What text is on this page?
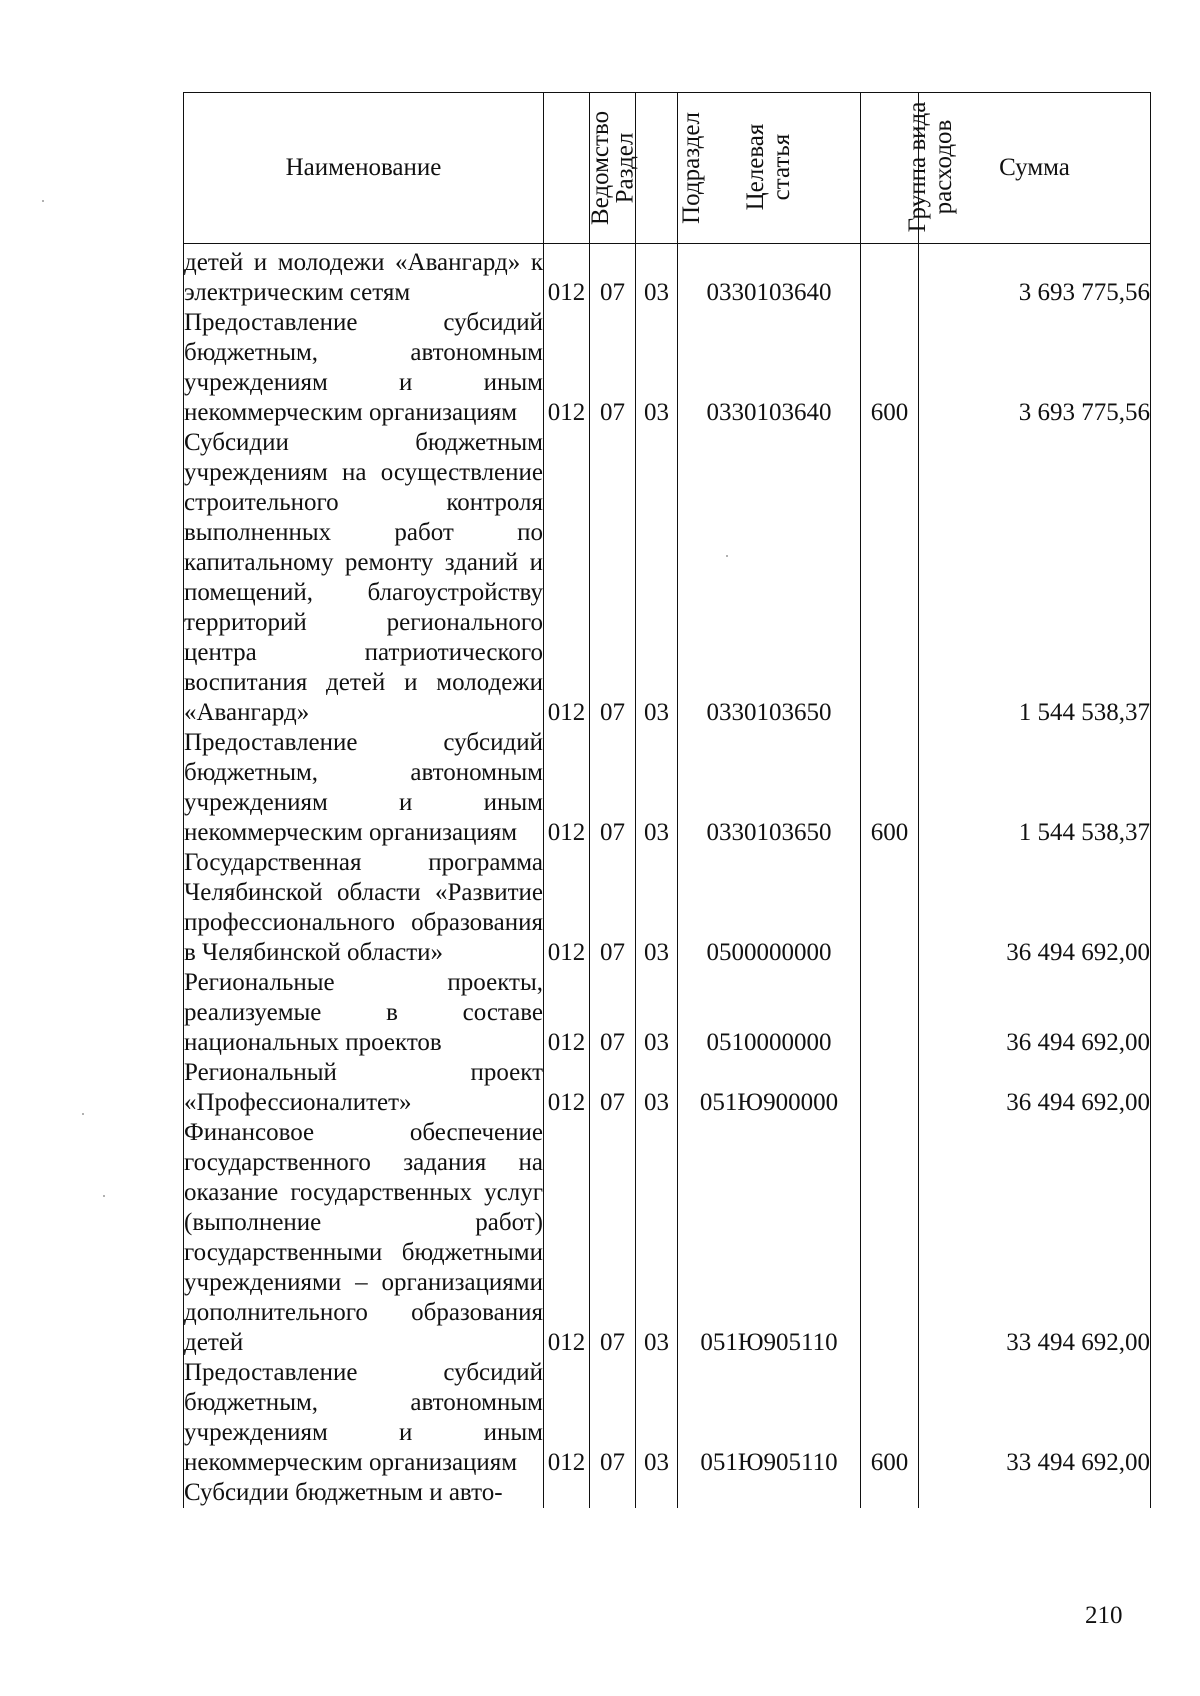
Наименование	Ведомство	Раздел	Подраздел	Целевая статья	Группа вида расходов	Сумма
детей и молодежи «Авангард» к электрическим сетям	012	07	03	0330103640		3 693 775,56
Предоставление субсидий бюджетным, автономным учреждениям и иным некоммерческим организациям	012	07	03	0330103640	600	3 693 775,56
Субсидии бюджетным учреждениям на осуществление строительного контроля выполненных работ по капитальному ремонту зданий и помещений, благоустройству территорий регионального центра патриотического воспитания детей и молодежи «Авангард»	012	07	03	0330103650		1 544 538,37
Предоставление субсидий бюджетным, автономным учреждениям и иным некоммерческим организациям	012	07	03	0330103650	600	1 544 538,37
Государственная программа Челябинской области «Развитие профессионального образования в Челябинской области»	012	07	03	0500000000		36 494 692,00
Региональные проекты, реализуемые в составе национальных проектов	012	07	03	0510000000		36 494 692,00
Региональный проект «Профессионалитет»	012	07	03	051Ю900000		36 494 692,00
Финансовое обеспечение государственного задания на оказание государственных услуг (выполнение работ) государственными бюджетными учреждениями – организациями дополнительного образования детей	012	07	03	051Ю905110		33 494 692,00
Предоставление субсидий бюджетным, автономным учреждениям и иным некоммерческим организациям	012	07	03	051Ю905110	600	33 494 692,00
Субсидии бюджетным и авто-						
210
